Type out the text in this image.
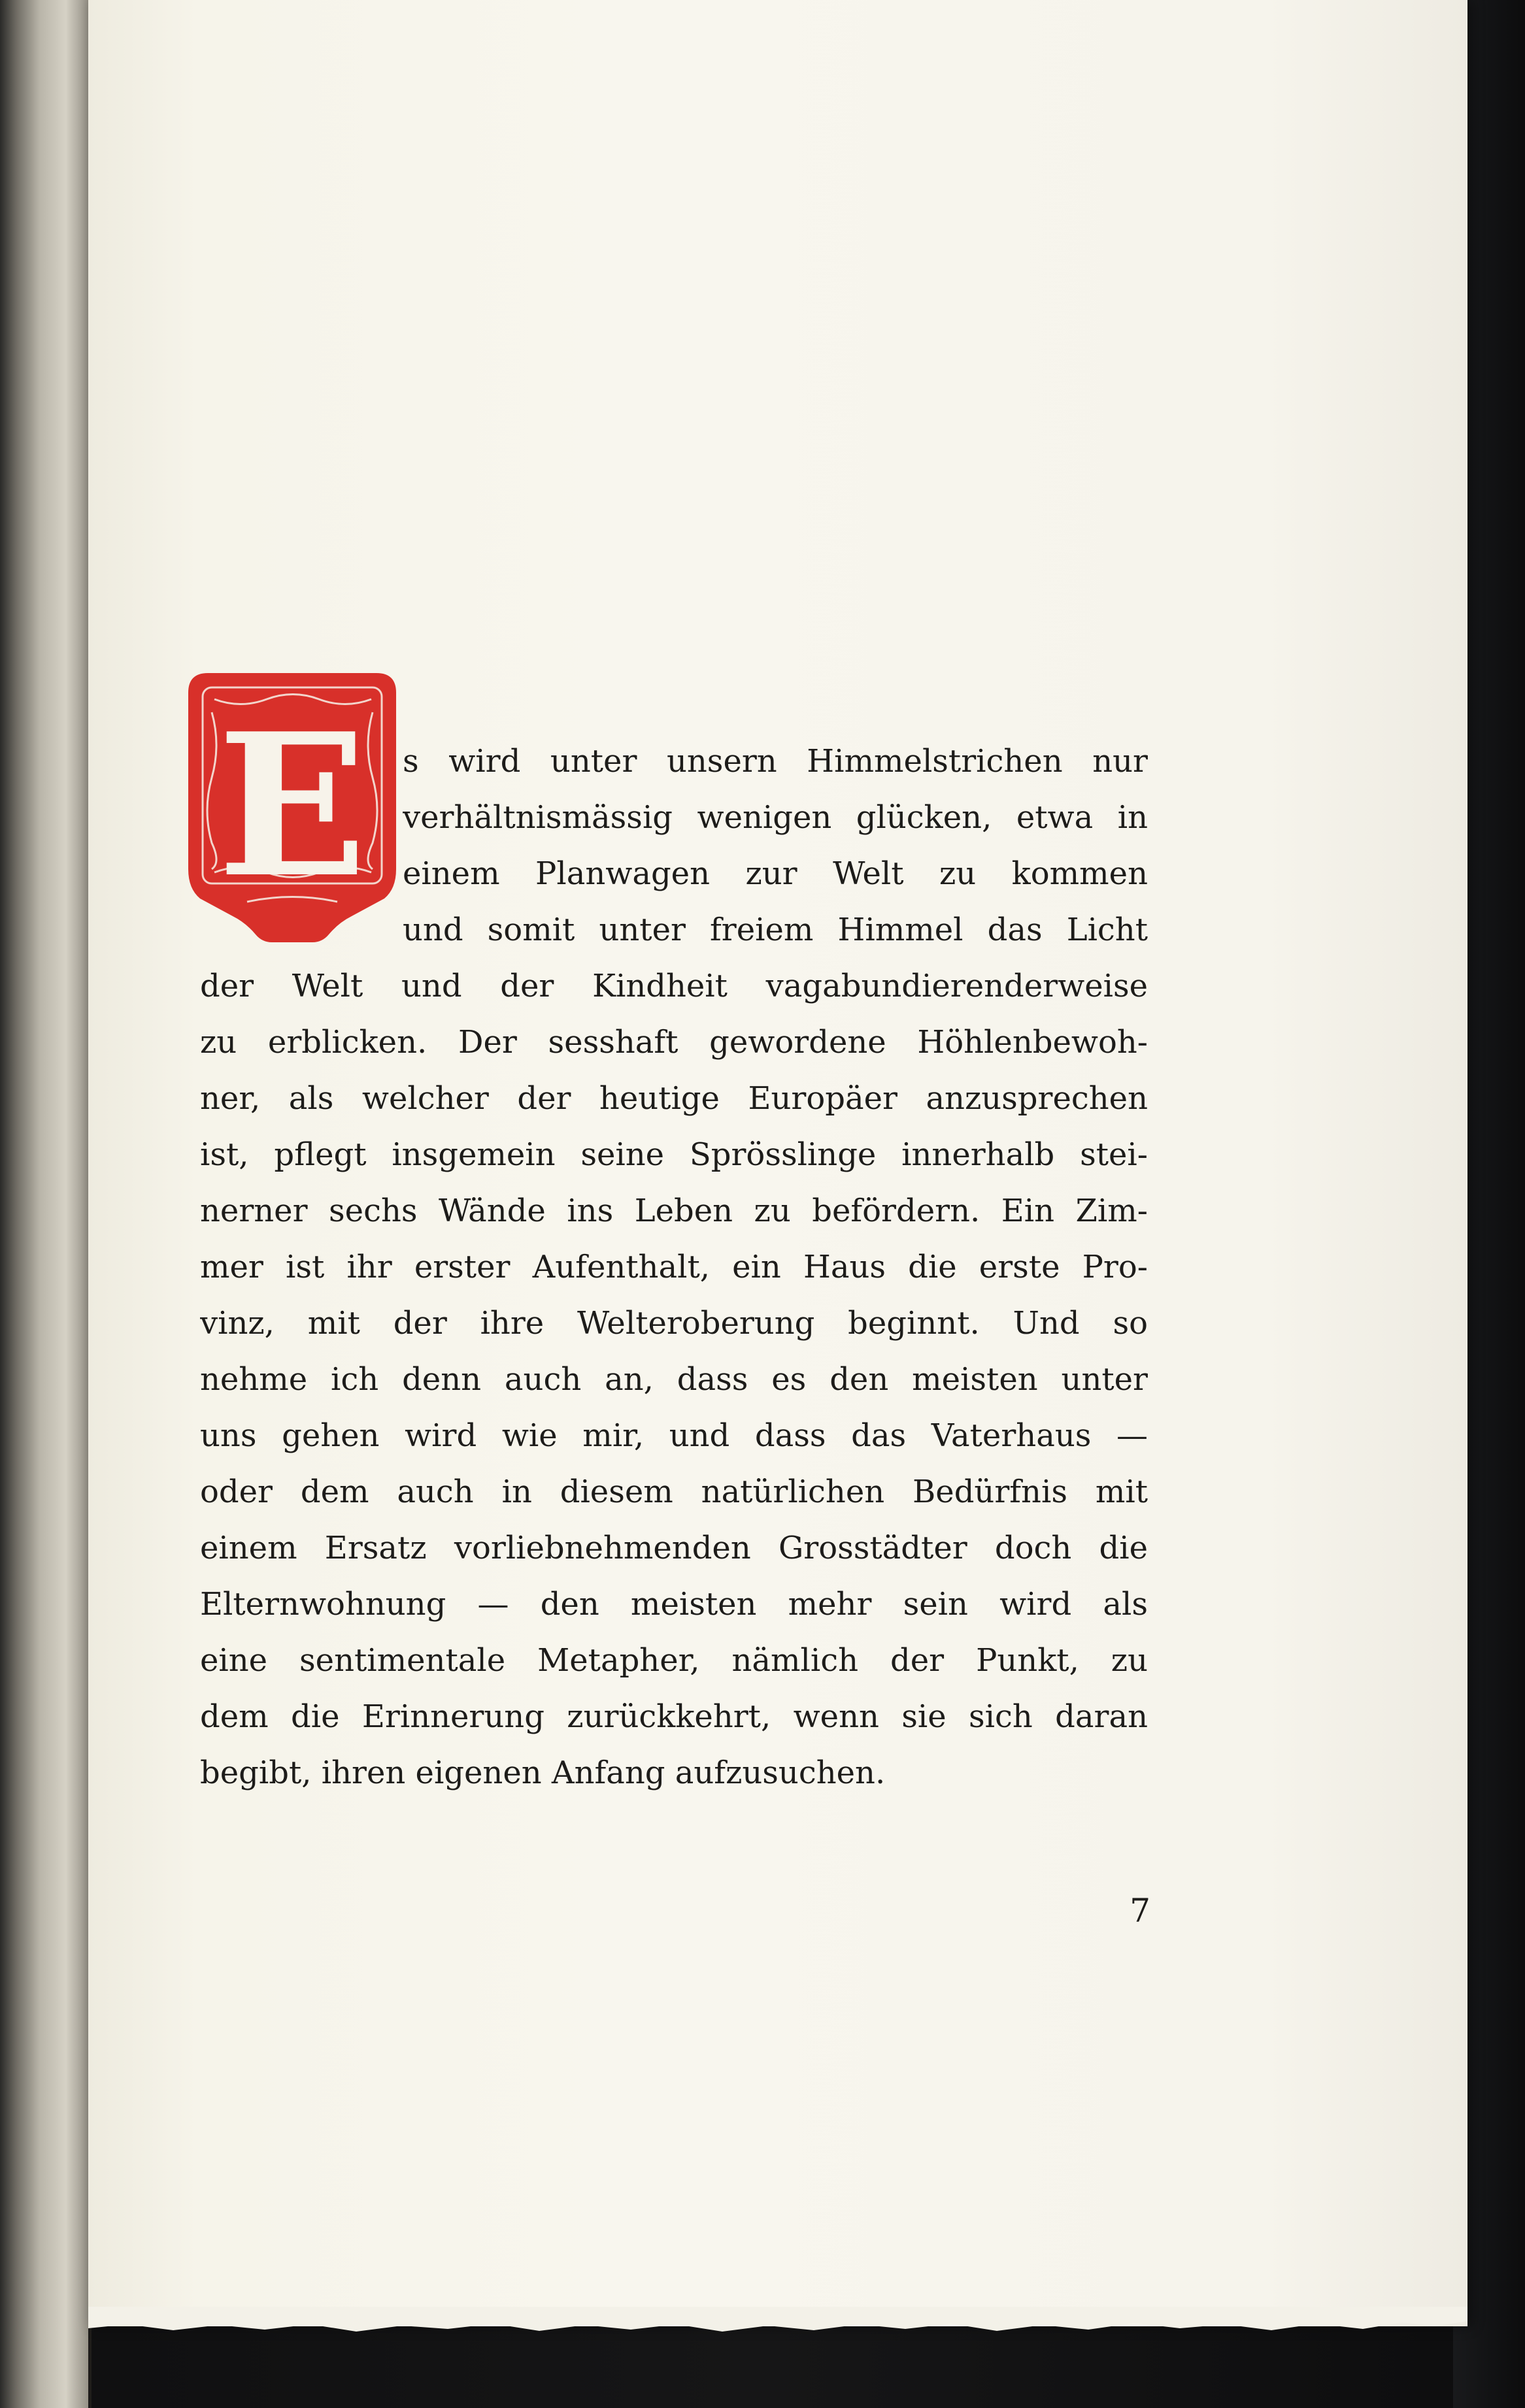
E s wird unter unsern Himmelstrichen nur
verhältnismässig wenigen glücken, etwa in
einem Planwagen zur Welt zu kommen
und somit unter freiem Himmel das Licht
der Welt und der Kindheit vagabundierenderweise
zu erblicken. Der sesshaft gewordene Höhlenbewoh-
ner, als welcher der heutige Europäer anzusprechen
ist, pflegt insgemein seine Sprösslinge innerhalb stei-
nerner sechs Wände ins Leben zu befördern. Ein Zim-
mer ist ihr erster Aufenthalt, ein Haus die erste Pro-
vinz, mit der ihre Welteroberung beginnt. Und so
nehme ich denn auch an, dass es den meisten unter
uns gehen wird wie mir, und dass das Vaterhaus —
oder dem auch in diesem natürlichen Bedürfnis mit
einem Ersatz vorliebnehmenden Grosstädter doch die
Elternwohnung — den meisten mehr sein wird als
eine sentimentale Metapher, nämlich der Punkt, zu
dem die Erinnerung zurückkehrt, wenn sie sich daran
begibt, ihren eigenen Anfang aufzusuchen.
7
